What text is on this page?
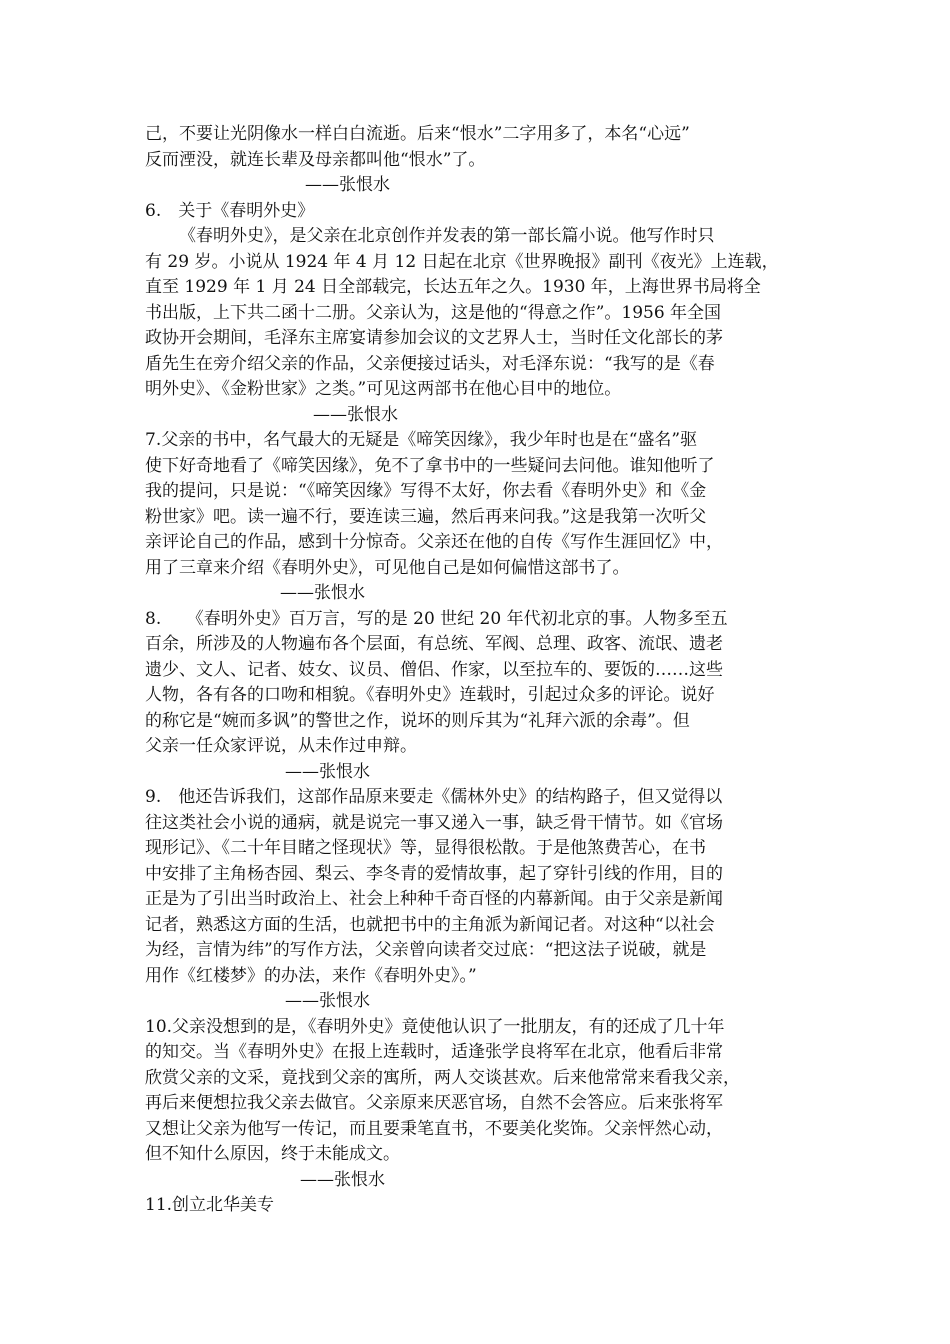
己，不要让光阴像水一样白白流逝。后来“恨水”二字用多了，本名“心远”
反而湮没，就连长辈及母亲都叫他“恨水”了。
——张恨水
6.　关于《春明外史》
《春明外史》，是父亲在北京创作并发表的第一部长篇小说。他写作时只
有 29 岁。小说从 1924 年 4 月 12 日起在北京《世界晚报》副刊《夜光》上连载，
直至 1929 年 1 月 24 日全部载完，长达五年之久。1930 年，上海世界书局将全
书出版，上下共二函十二册。父亲认为，这是他的“得意之作”。1956 年全国
政协开会期间，毛泽东主席宴请参加会议的文艺界人士，当时任文化部长的茅
盾先生在旁介绍父亲的作品，父亲便接过话头，对毛泽东说：“我写的是《春
明外史》、《金粉世家》之类。”可见这两部书在他心目中的地位。
——张恨水
7.父亲的书中，名气最大的无疑是《啼笑因缘》，我少年时也是在“盛名”驱
使下好奇地看了《啼笑因缘》，免不了拿书中的一些疑问去问他。谁知他听了
我的提问，只是说：“《啼笑因缘》写得不太好，你去看《春明外史》和《金
粉世家》吧。读一遍不行，要连读三遍，然后再来问我。”这是我第一次听父
亲评论自己的作品，感到十分惊奇。父亲还在他的自传《写作生涯回忆》中，
用了三章来介绍《春明外史》，可见他自己是如何偏惜这部书了。
——张恨水
8.　　《春明外史》百万言，写的是 20 世纪 20 年代初北京的事。人物多至五
百余，所涉及的人物遍布各个层面，有总统、军阀、总理、政客、流氓、遗老
遗少、文人、记者、妓女、议员、僧侣、作家，以至拉车的、要饭的……这些
人物，各有各的口吻和相貌。《春明外史》连载时，引起过众多的评论。说好
的称它是“婉而多讽”的警世之作，说坏的则斥其为“礼拜六派的余毒”。但
父亲一任众家评说，从未作过申辩。
——张恨水
9.　他还告诉我们，这部作品原来要走《儒林外史》的结构路子，但又觉得以
往这类社会小说的通病，就是说完一事又递入一事，缺乏骨干情节。如《官场
现形记》、《二十年目睹之怪现状》等，显得很松散。于是他煞费苦心，在书
中安排了主角杨杏园、梨云、李冬青的爱情故事，起了穿针引线的作用，目的
正是为了引出当时政治上、社会上种种千奇百怪的内幕新闻。由于父亲是新闻
记者，熟悉这方面的生活，也就把书中的主角派为新闻记者。对这种“以社会
为经，言情为纬”的写作方法，父亲曾向读者交过底：“把这法子说破，就是
用作《红楼梦》的办法，来作《春明外史》。”
——张恨水
10.父亲没想到的是，《春明外史》竟使他认识了一批朋友，有的还成了几十年
的知交。当《春明外史》在报上连载时，适逢张学良将军在北京，他看后非常
欣赏父亲的文采，竟找到父亲的寓所，两人交谈甚欢。后来他常常来看我父亲，
再后来便想拉我父亲去做官。父亲原来厌恶官场，自然不会答应。后来张将军
又想让父亲为他写一传记，而且要秉笔直书，不要美化奖饰。父亲怦然心动，
但不知什么原因，终于未能成文。
——张恨水
11.创立北华美专
